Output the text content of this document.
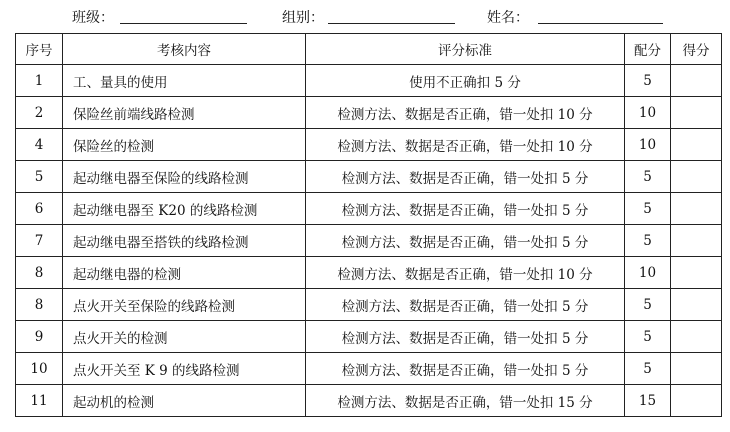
班级：	组别：	姓名：
序号	考核内容	评分标准	配分	得分
1	工、量具的使用	使用不正确扣 5 分	5	
2	保险丝前端线路检测	检测方法、数据是否正确，错一处扣 10 分	10	
4	保险丝的检测	检测方法、数据是否正确，错一处扣 10 分	10	
5	起动继电器至保险的线路检测	检测方法、数据是否正确，错一处扣 5 分	5	
6	起动继电器至 K20 的线路检测	检测方法、数据是否正确，错一处扣 5 分	5	
7	起动继电器至搭铁的线路检测	检测方法、数据是否正确，错一处扣 5 分	5	
8	起动继电器的检测	检测方法、数据是否正确，错一处扣 10 分	10	
8	点火开关至保险的线路检测	检测方法、数据是否正确，错一处扣 5 分	5	
9	点火开关的检测	检测方法、数据是否正确，错一处扣 5 分	5	
10	点火开关至 K 9 的线路检测	检测方法、数据是否正确，错一处扣 5 分	5	
11	起动机的检测	检测方法、数据是否正确，错一处扣 15 分	15	
